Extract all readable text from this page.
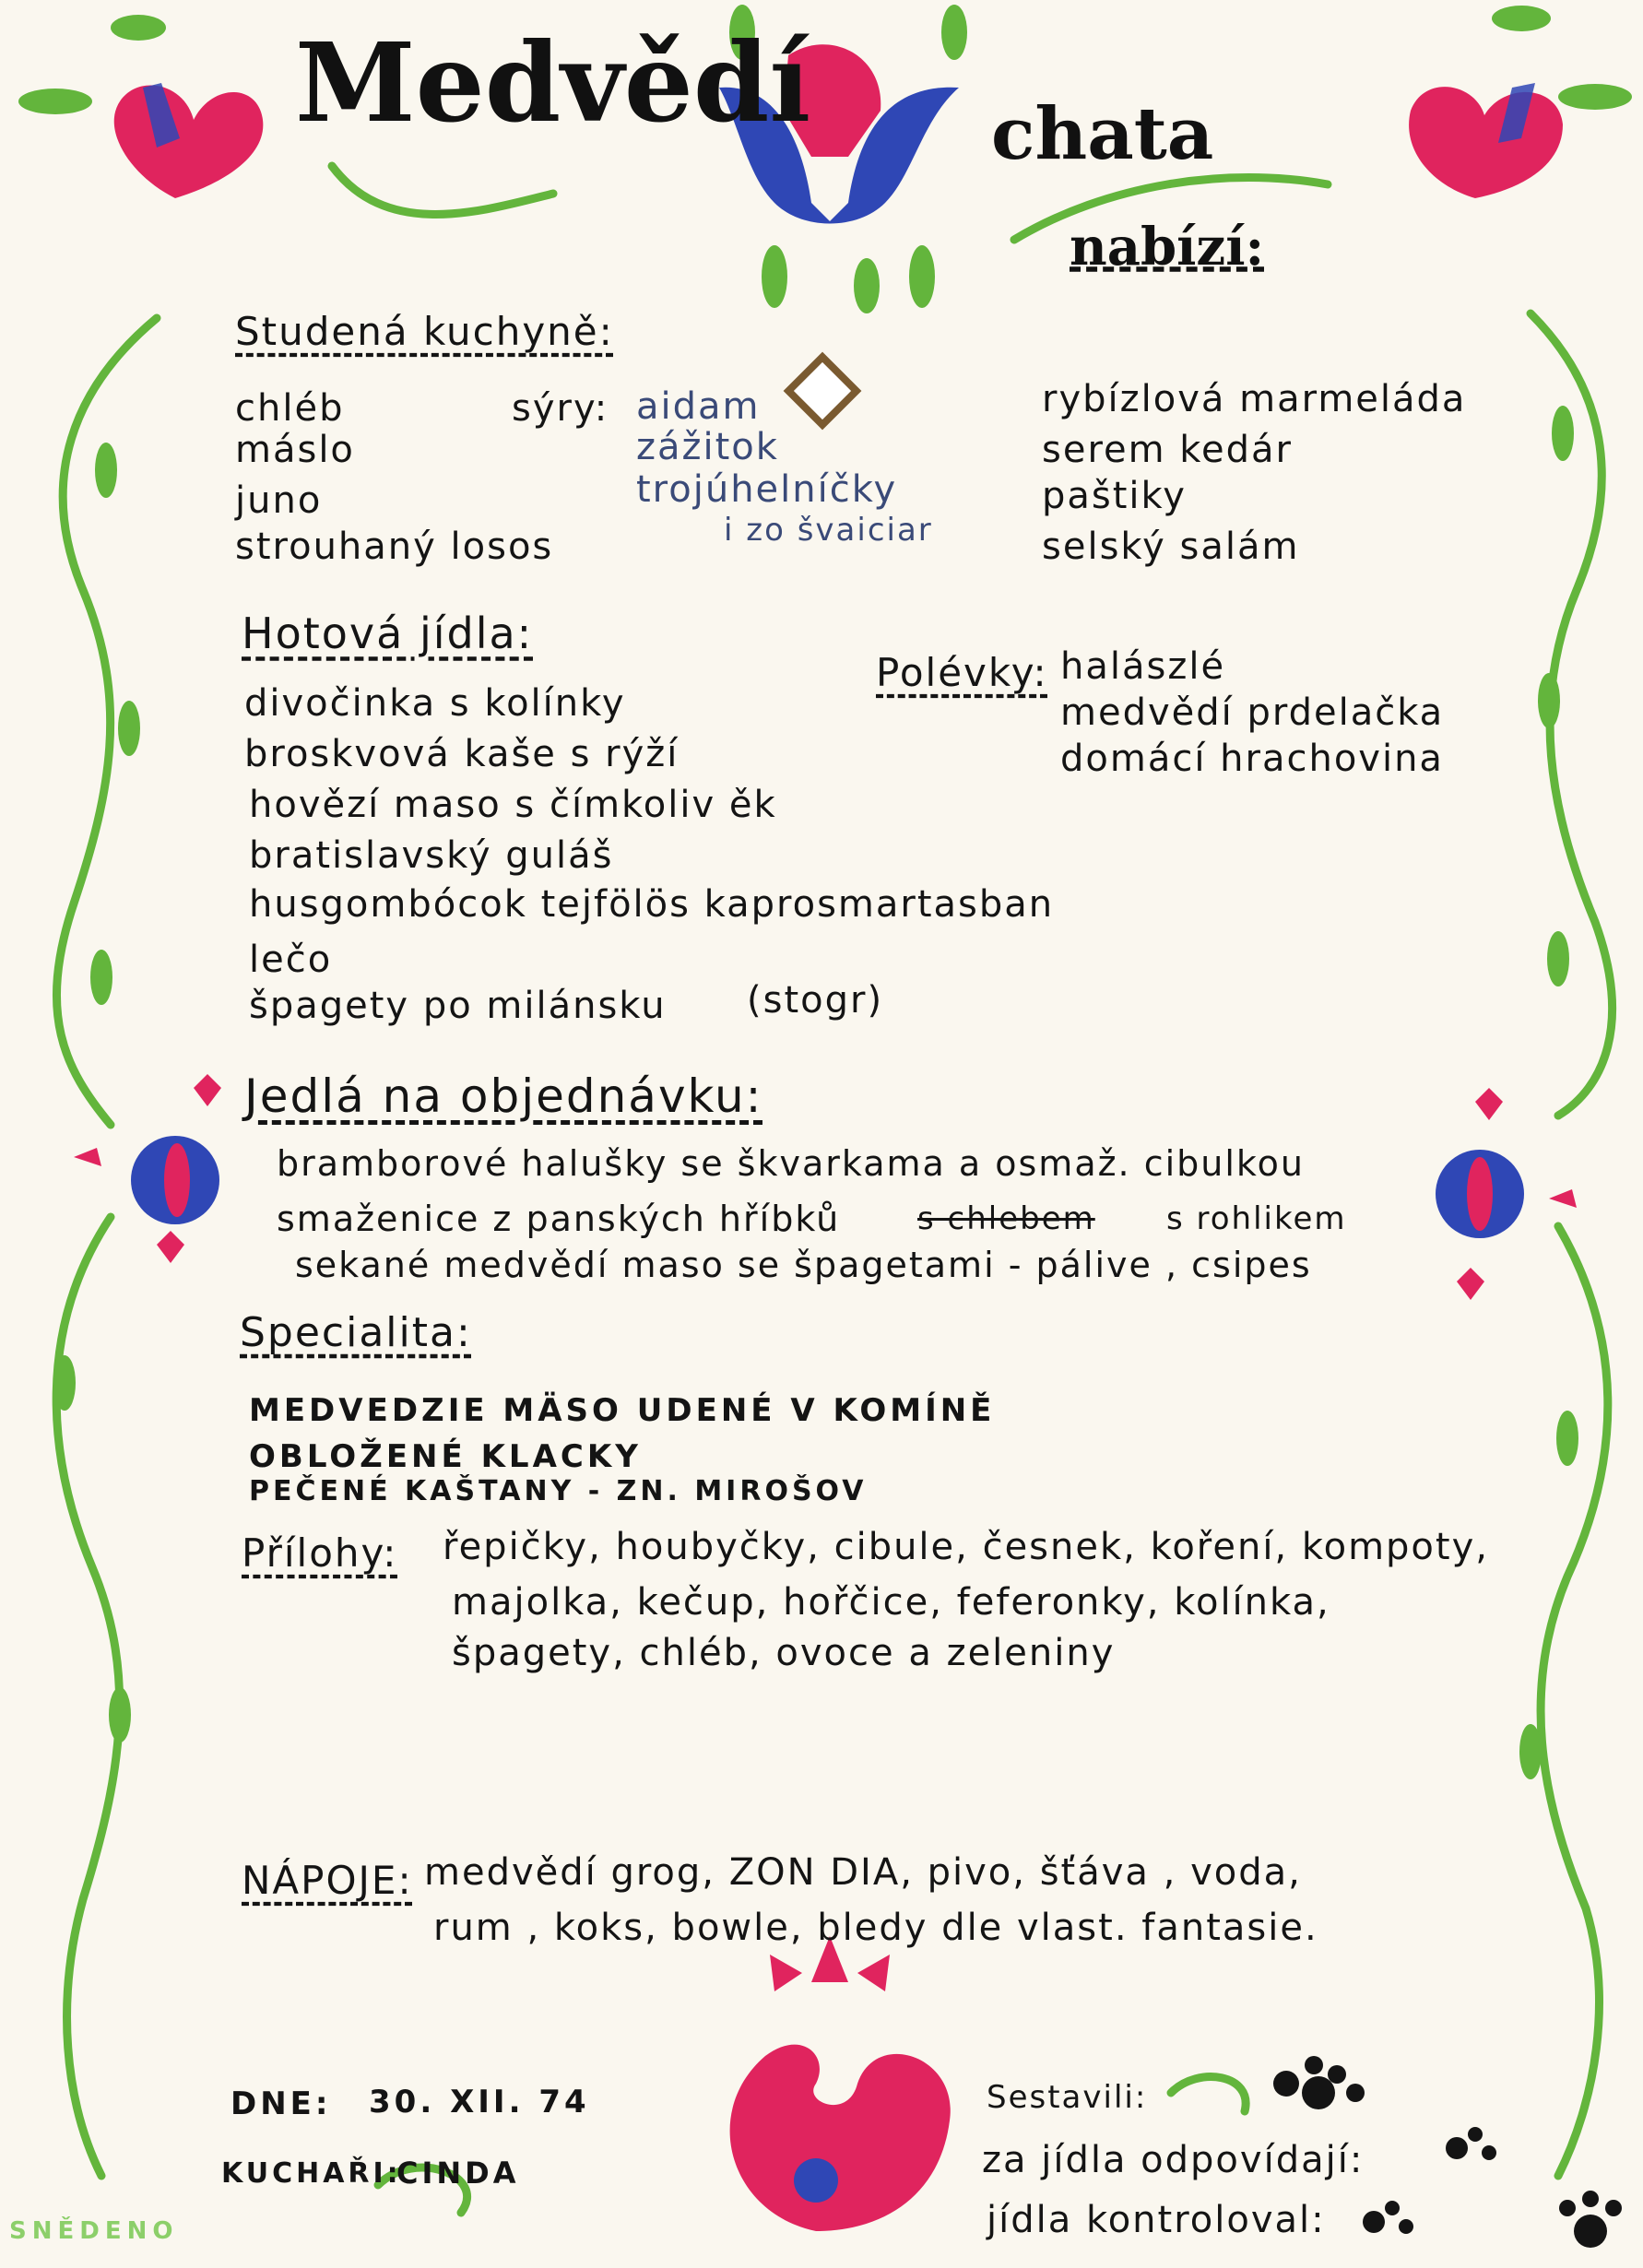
Medvědí	chata
nabízí:
Studená kuchyně:
chléb
máslo
juno
strouhaný losos
sýry: aidam
zážitok
trojúhelníčky
i zo švaiciar
rybízlová marmeláda
serem kedár
paštiky
selský salám
Hotová jídla:
divočinka s kolínky
broskvová kaše s rýží
hovězí maso s čímkoliv ěk
bratislavský guláš
husgombócok tejfölös kaprosmartasban
lečo
špagety po milánsku (stogr)
Polévky: halászlé
medvědí prdelačka
domácí hrachovina
Jedlá na objednávku:
bramborové halušky se škvarkama a osmaž. cibulkou
smaženice z panských hříbků s chlebem s rohlikem
sekané medvědí maso se špagetami - pálive , csipes
Specialita:
MEDVEDZIE MÄSO UDENÉ V KOMÍNĚ
OBLOŽENÉ KLACKY
PEČENÉ KAŠTANY - ZN. MIROŠOV
Přílohy: řepičky, houbyčky, cibule, česnek, koření, kompoty,
majolka, kečup, hořčice, feferonky, kolínka,
špagety, chléb, ovoce a zeleniny
NÁPOJE: medvědí grog, ZON DIA, pivo, šťáva , voda,
rum , koks, bowle, bledy dle vlast. fantasie.
DNE: 30. XII. 74
KUCHAŘI:
CINDA
Sestavili:
za jídla odpovídají:
jídla kontroloval:
SNĚDENO
